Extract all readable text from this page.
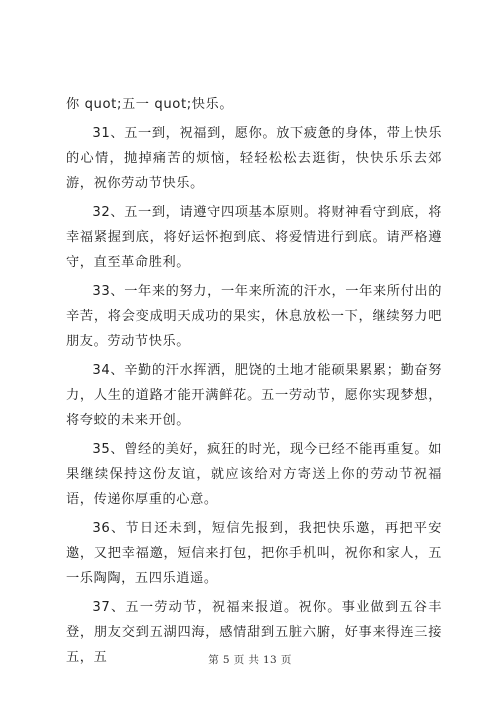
你 quot;五一 quot;快乐。

31、五一到，祝福到，愿你。放下疲惫的身体，带上快乐的心情，抛掉痛苦的烦恼，轻轻松松去逛街，快快乐乐去郊游，祝你劳动节快乐。

32、五一到，请遵守四项基本原则。将财神看守到底，将幸福紧握到底，将好运怀抱到底、将爱情进行到底。请严格遵守，直至革命胜利。

33、一年来的努力，一年来所流的汗水，一年来所付出的辛苦，将会变成明天成功的果实，休息放松一下，继续努力吧朋友。劳动节快乐。

34、辛勤的汗水挥洒，肥饶的土地才能硕果累累；勤奋努力，人生的道路才能开满鲜花。五一劳动节，愿你实现梦想，将夸蛟的未来开创。

35、曾经的美好，疯狂的时光，现今已经不能再重复。如果继续保持这份友谊，就应该给对方寄送上你的劳动节祝福语，传递你厚重的心意。

36、节日还未到，短信先报到，我把快乐邀，再把平安邀，又把幸福邀，短信来打包，把你手机叫，祝你和家人，五一乐陶陶，五四乐逍遥。

37、五一劳动节，祝福来报道。祝你。事业做到五谷丰登，朋友交到五湖四海，感情甜到五脏六腑，好事来得连三接五，五	第 5 页 共 13 页
